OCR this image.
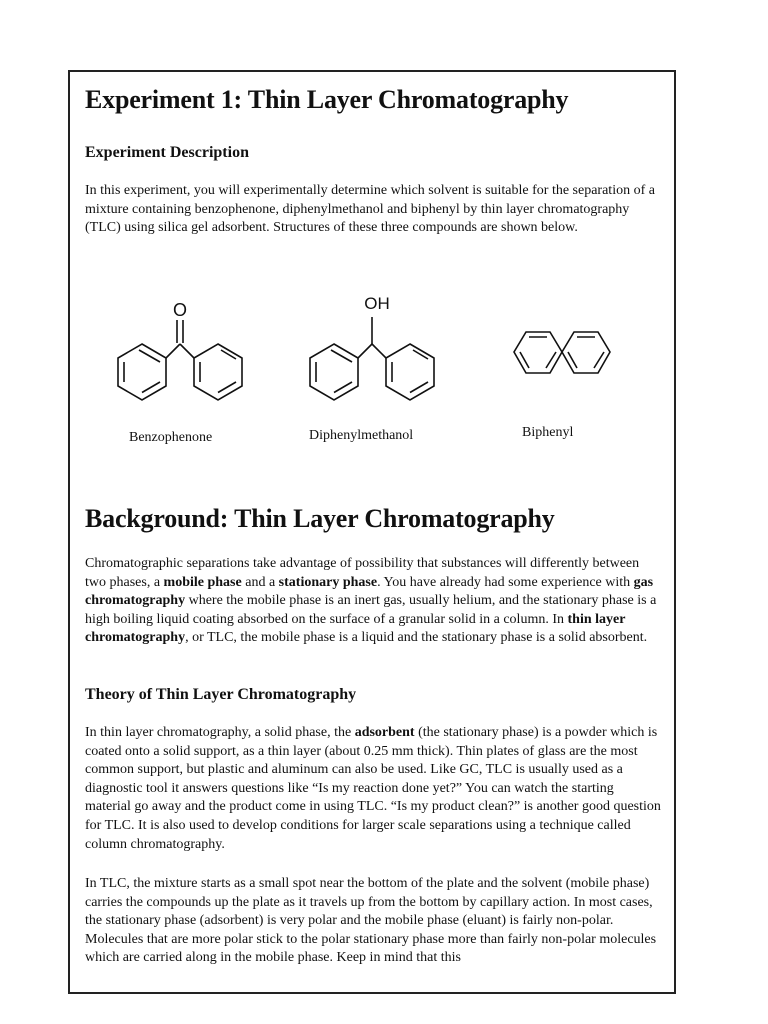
Experiment 1: Thin Layer Chromatography
Experiment Description

In this experiment, you will experimentally determine which solvent is suitable for the separation of a mixture containing benzophenone, diphenylmethanol and biphenyl by thin layer chromatography (TLC) using silica gel adsorbent. Structures of these three compounds are shown below.

O	OH
Benzophenone	Diphenylmethanol	Biphenyl
Background: Thin Layer Chromatography

Chromatographic separations take advantage of possibility that substances will differently between two phases, a mobile phase and a stationary phase. You have already had some experience with gas chromatography where the mobile phase is an inert gas, usually helium, and the stationary phase is a high boiling liquid coating absorbed on the surface of a granular solid in a column. In thin layer chromatography, or TLC, the mobile phase is a liquid and the stationary phase is a solid absorbent.

Theory of Thin Layer Chromatography

In thin layer chromatography, a solid phase, the adsorbent (the stationary phase) is a powder which is coated onto a solid support, as a thin layer (about 0.25 mm thick). Thin plates of glass are the most common support, but plastic and aluminum can also be used. Like GC, TLC is usually used as a diagnostic tool it answers questions like “Is my reaction done yet?” You can watch the starting material go away and the product come in using TLC. “Is my product clean?” is another good question for TLC. It is also used to develop conditions for larger scale separations using a technique called column chromatography.

In TLC, the mixture starts as a small spot near the bottom of the plate and the solvent (mobile phase) carries the compounds up the plate as it travels up from the bottom by capillary action. In most cases, the stationary phase (adsorbent) is very polar and the mobile phase (eluant) is fairly non-polar. Molecules that are more polar stick to the polar stationary phase more than fairly non-polar molecules which are carried along in the mobile phase. Keep in mind that this
